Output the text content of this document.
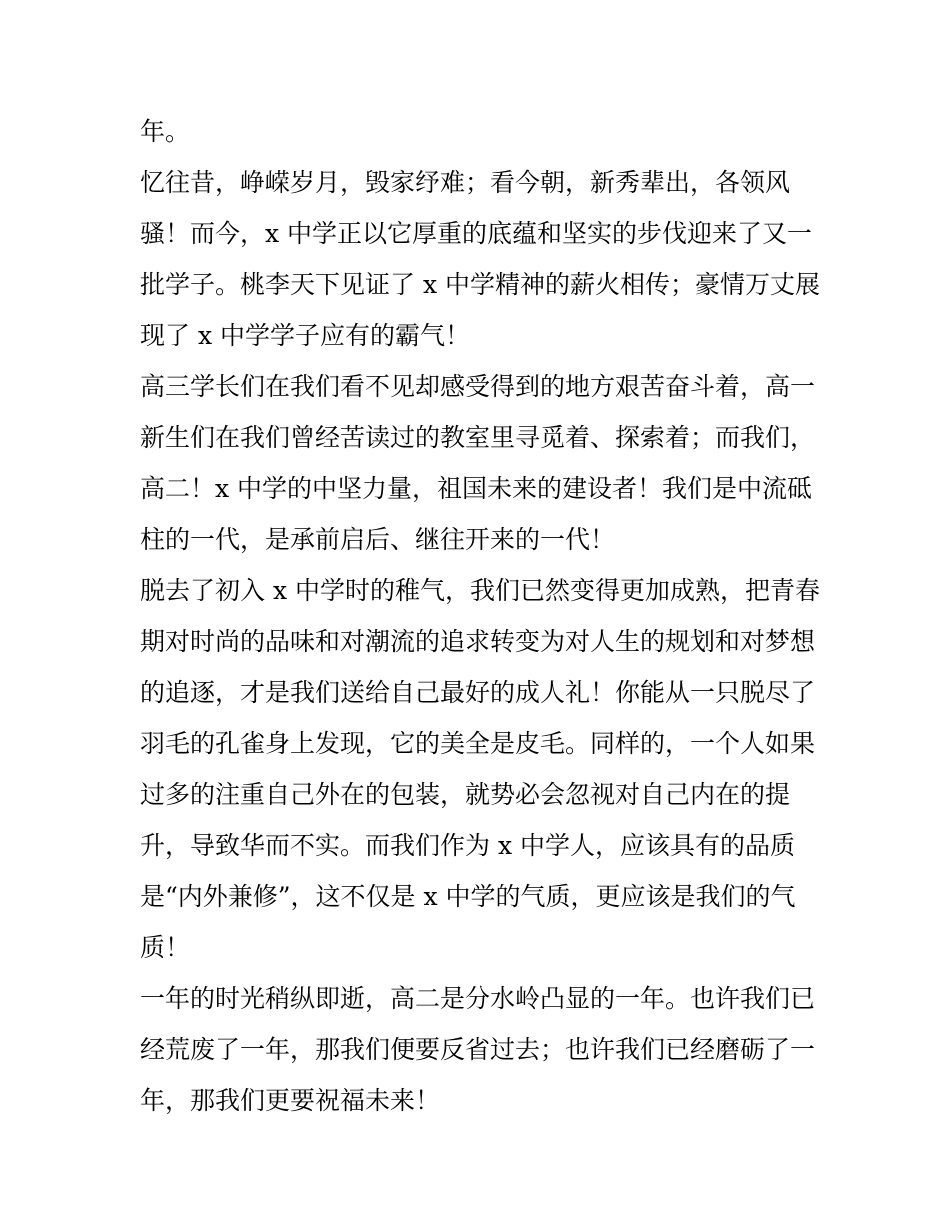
年。
忆往昔，峥嵘岁月，毁家纾难；看今朝，新秀辈出，各领风
骚！而今，x 中学正以它厚重的底蕴和坚实的步伐迎来了又一
批学子。桃李天下见证了 x 中学精神的薪火相传；豪情万丈展
现了 x 中学学子应有的霸气！
高三学长们在我们看不见却感受得到的地方艰苦奋斗着，高一
新生们在我们曾经苦读过的教室里寻觅着、探索着；而我们，
高二！x 中学的中坚力量，祖国未来的建设者！我们是中流砥
柱的一代，是承前启后、继往开来的一代！
脱去了初入 x 中学时的稚气，我们已然变得更加成熟，把青春
期对时尚的品味和对潮流的追求转变为对人生的规划和对梦想
的追逐，才是我们送给自己最好的成人礼！你能从一只脱尽了
羽毛的孔雀身上发现，它的美全是皮毛。同样的，一个人如果
过多的注重自己外在的包装，就势必会忽视对自己内在的提
升，导致华而不实。而我们作为 x 中学人，应该具有的品质
是“内外兼修”，这不仅是 x 中学的气质，更应该是我们的气
质！
一年的时光稍纵即逝，高二是分水岭凸显的一年。也许我们已
经荒废了一年，那我们便要反省过去；也许我们已经磨砺了一
年，那我们更要祝福未来！
